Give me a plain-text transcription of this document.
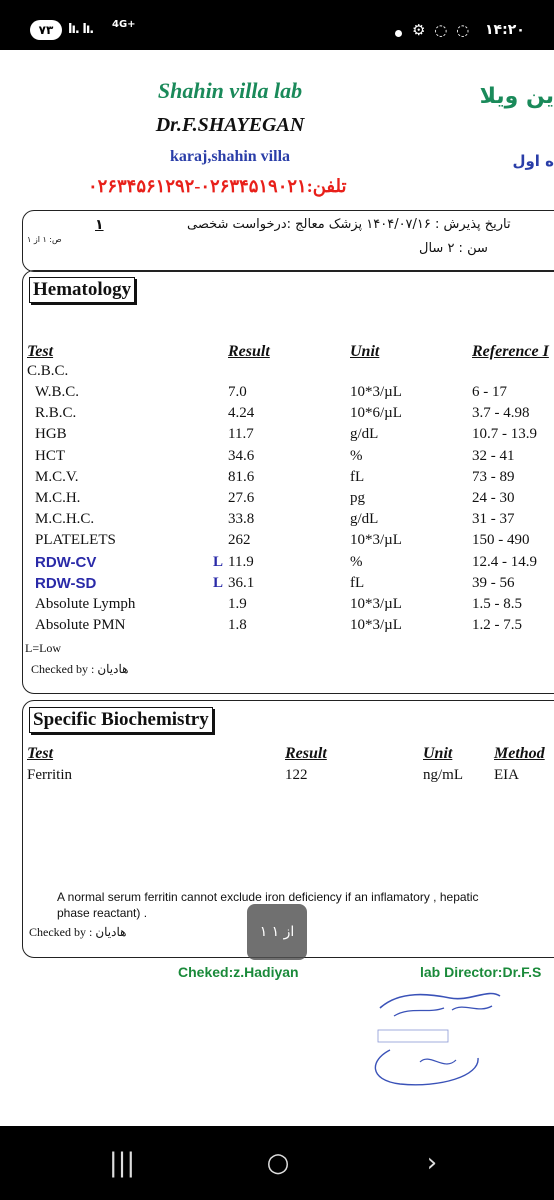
۷۳	lı. lı. 4G+	⚙ ◌ ◌ ۱۴:۲۰
Shahin villa lab
Dr.F.SHAYEGAN
karaj,shahin villa
تلفن:۰۲۶۳۴۵۱۹۰۲۱-۰۲۶۳۴۵۶۱۲۹۲
ین ویلا
ه اول
ص: ۱ از ۱
۱	تاریخ پذیرش : ۱۴۰۴/۰۷/۱۶ پزشک معالج :درخواست شخصی
سن : ۲ سال
Hematology
Test	Result	Unit	Reference I
C.B.C.
W.B.C.	7.0	10*3/µL	6 - 17
R.B.C.	4.24	10*6/µL	3.7 - 4.98
HGB	11.7	g/dL	10.7 - 13.9
HCT	34.6	%	32 - 41
M.C.V.	81.6	fL	73 - 89
M.C.H.	27.6	pg	24 - 30
M.C.H.C.	33.8	g/dL	31 - 37
PLATELETS	262	10*3/µL	150 - 490
RDW-CV	L 11.9	%	12.4 - 14.9
RDW-SD	L 36.1	fL	39 - 56
Absolute Lymph	1.9	10*3/µL	1.5 - 8.5
Absolute PMN	1.8	10*3/µL	1.2 - 7.5
L=Low
Checked by : هادیان
Specific Biochemistry
Test	Result	Unit	Method
Ferritin	122	ng/mL EIA
A normal serum ferritin cannot exclude iron deficiency if an inflamatory , hepatic
phase reactant) .
Checked by : هادیان
Cheked:z.Hadiyan	lab Director:Dr.F.S
۱ از ۱
|||	○	›
